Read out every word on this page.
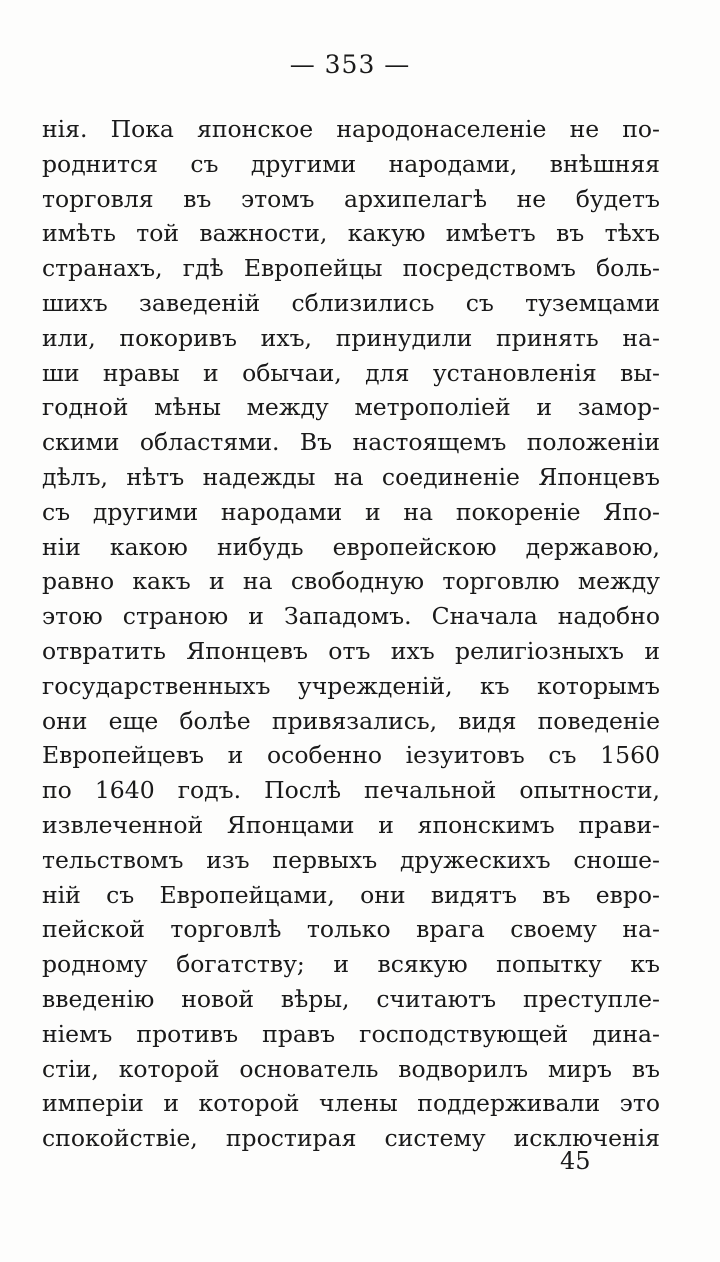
— 353 —
нія. Пока японское народонаселеніе не по-
роднится съ другими народами, внѣшняя
торговля въ этомъ архипелагѣ не будетъ
имѣть той важности, какую имѣетъ въ тѣхъ
странахъ, гдѣ Европейцы посредствомъ боль-
шихъ заведеній сблизились съ туземцами
или, покоривъ ихъ, принудили принять на-
ши нравы и обычаи, для установленія вы-
годной мѣны между метрополіей и замор-
скими областями. Въ настоящемъ положеніи
дѣлъ, нѣтъ надежды на соединеніе Японцевъ
съ другими народами и на покореніе Япо-
ніи какою нибудь европейскою державою,
равно какъ и на свободную торговлю между
этою страною и Западомъ. Сначала надобно
отвратить Японцевъ отъ ихъ религіозныхъ и
государственныхъ учрежденій, къ которымъ
они еще болѣе привязались, видя поведеніе
Европейцевъ и особенно іезуитовъ съ 1560
по 1640 годъ. Послѣ печальной опытности,
извлеченной Японцами и японскимъ прави-
тельствомъ изъ первыхъ дружескихъ сноше-
ній съ Европейцами, они видятъ въ евро-
пейской торговлѣ только врага своему на-
родному богатству; и всякую попытку къ
введенію новой вѣры, считаютъ преступле-
ніемъ противъ правъ господствующей дина-
стіи, которой основатель водворилъ миръ въ
имперіи и которой члены поддерживали это
спокойствіе, простирая систему исключенія
45
